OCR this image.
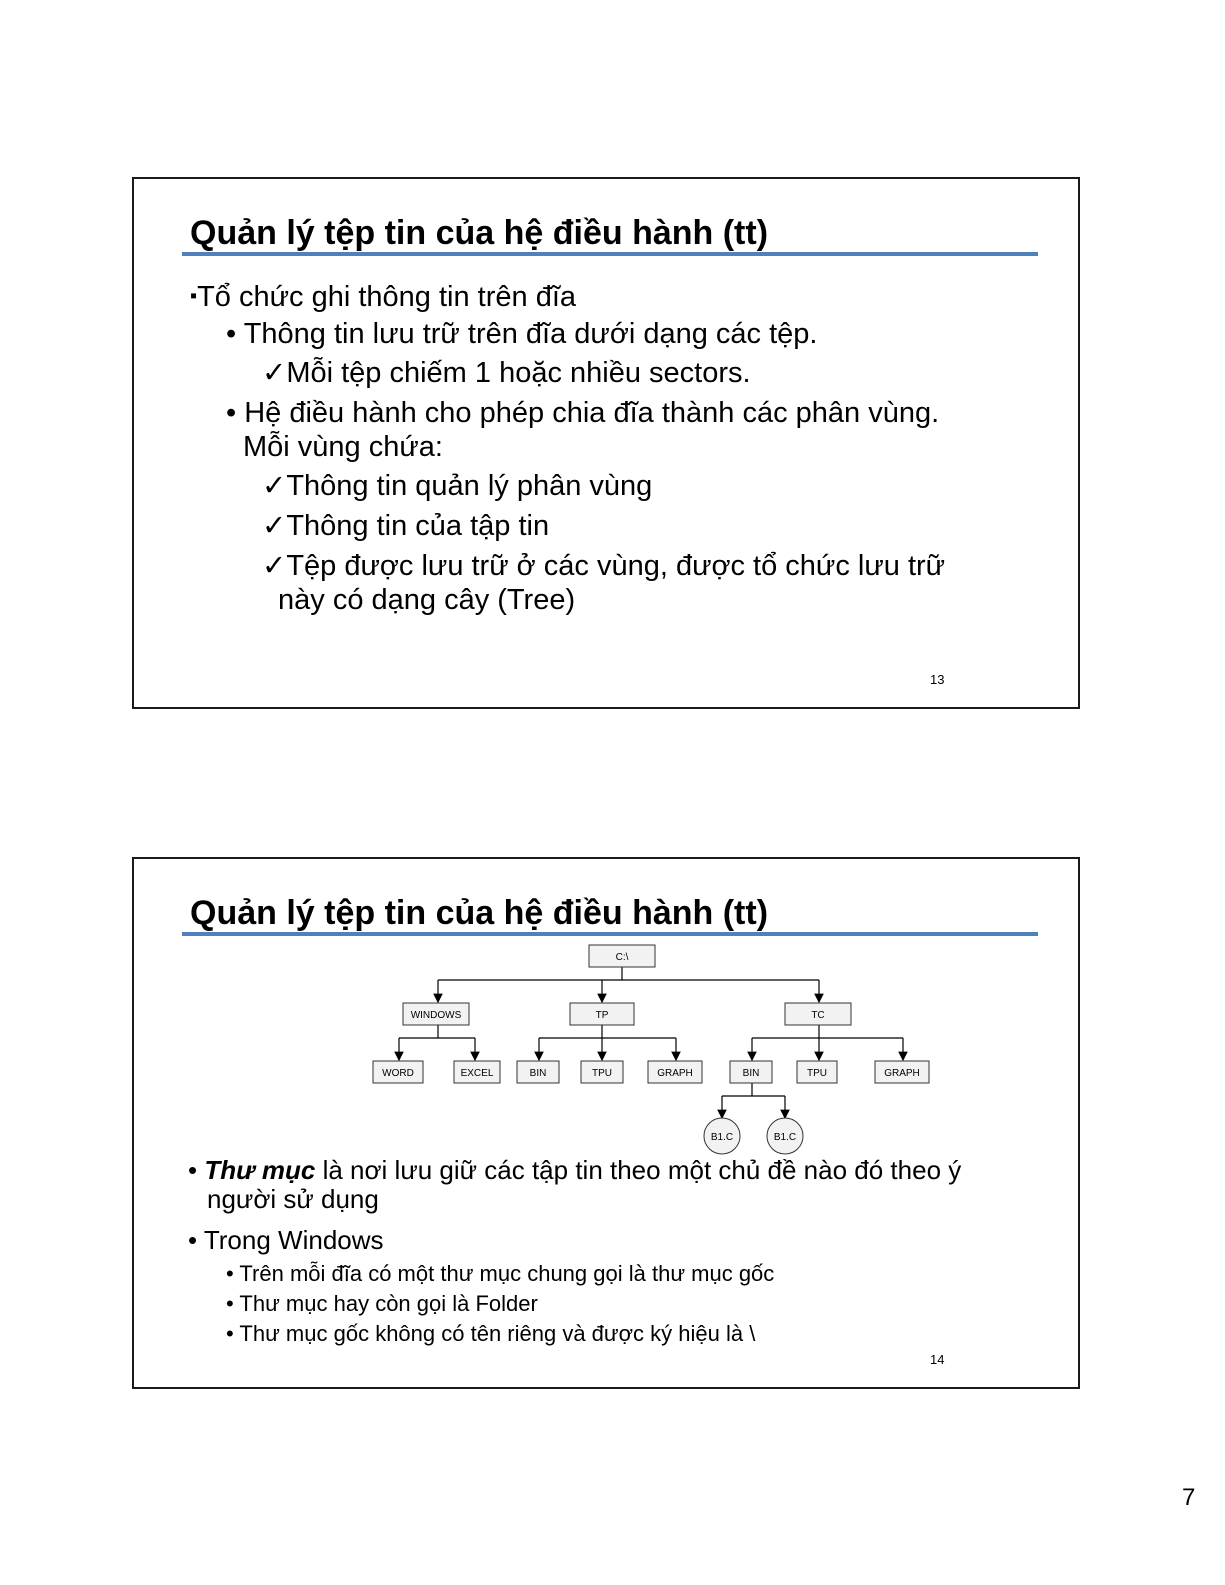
Quản lý tệp tin của hệ điều hành (tt)
▪Tổ chức ghi thông tin trên đĩa
• Thông tin lưu trữ trên đĩa dưới dạng các tệp.
✓Mỗi tệp chiếm 1 hoặc nhiều sectors.
• Hệ điều hành cho phép chia đĩa thành các phân vùng.
Mỗi vùng chứa:
✓Thông tin quản lý phân vùng
✓Thông tin của tập tin
✓Tệp được lưu trữ ở các vùng, được tổ chức lưu trữ
này có dạng cây (Tree)
13
Quản lý tệp tin của hệ điều hành (tt)
C:\
WINDOWS	TP	TC
WORD	EXCEL	BIN	TPU	GRAPH	BIN	TPU	GRAPH
B1.C	B1.C
• Thư mục là nơi lưu giữ các tập tin theo một chủ đề nào đó theo ý
người sử dụng
• Trong Windows
• Trên mỗi đĩa có một thư mục chung gọi là thư mục gốc
• Thư mục hay còn gọi là Folder
• Thư mục gốc không có tên riêng và được ký hiệu là \
14
7
